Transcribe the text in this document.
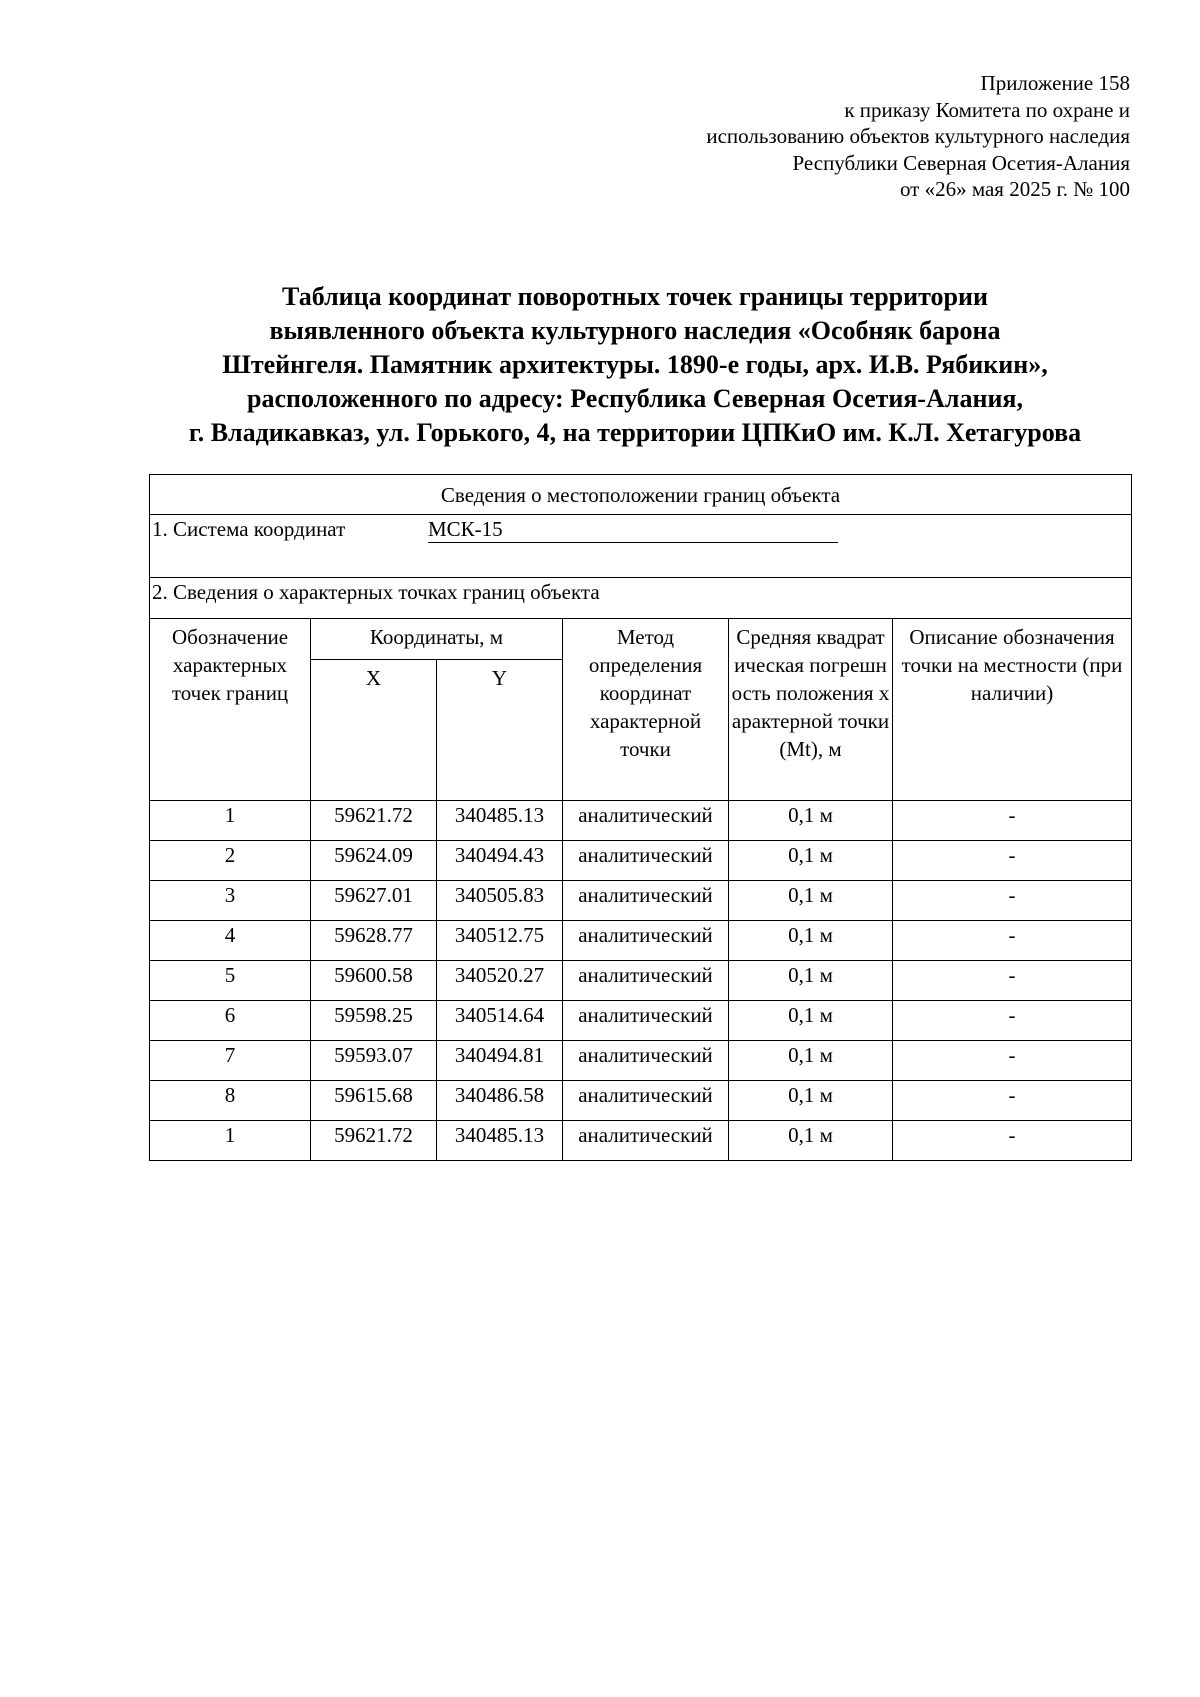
Приложение 158
к приказу Комитета по охране и
использованию объектов культурного наследия
Республики Северная Осетия-Алания
от «26» мая 2025 г. № 100
Таблица координат поворотных точек границы территории
выявленного объекта культурного наследия «Особняк барона
Штейнгеля. Памятник архитектуры. 1890-е годы, арх. И.В. Рябикин»,
расположенного по адресу: Республика Северная Осетия-Алания,
г. Владикавказ, ул. Горького, 4, на территории ЦПКиО им. К.Л. Хетагурова
Сведения о местоположении границ объекта					
1. Система координат МСК-15					
2. Сведения о характерных точках границ объекта					
Обозначение характерных точек границ	Координаты, м		Метод определения координат характерной точки	Средняя квадратическая погрешность положения характерной точки (Mt), м	Описание обозначения точки на местности (при наличии)
	X	Y			
1	59621.72	340485.13	аналитический	0,1 м	-
2	59624.09	340494.43	аналитический	0,1 м	-
3	59627.01	340505.83	аналитический	0,1 м	-
4	59628.77	340512.75	аналитический	0,1 м	-
5	59600.58	340520.27	аналитический	0,1 м	-
6	59598.25	340514.64	аналитический	0,1 м	-
7	59593.07	340494.81	аналитический	0,1 м	-
8	59615.68	340486.58	аналитический	0,1 м	-
1	59621.72	340485.13	аналитический	0,1 м	-
